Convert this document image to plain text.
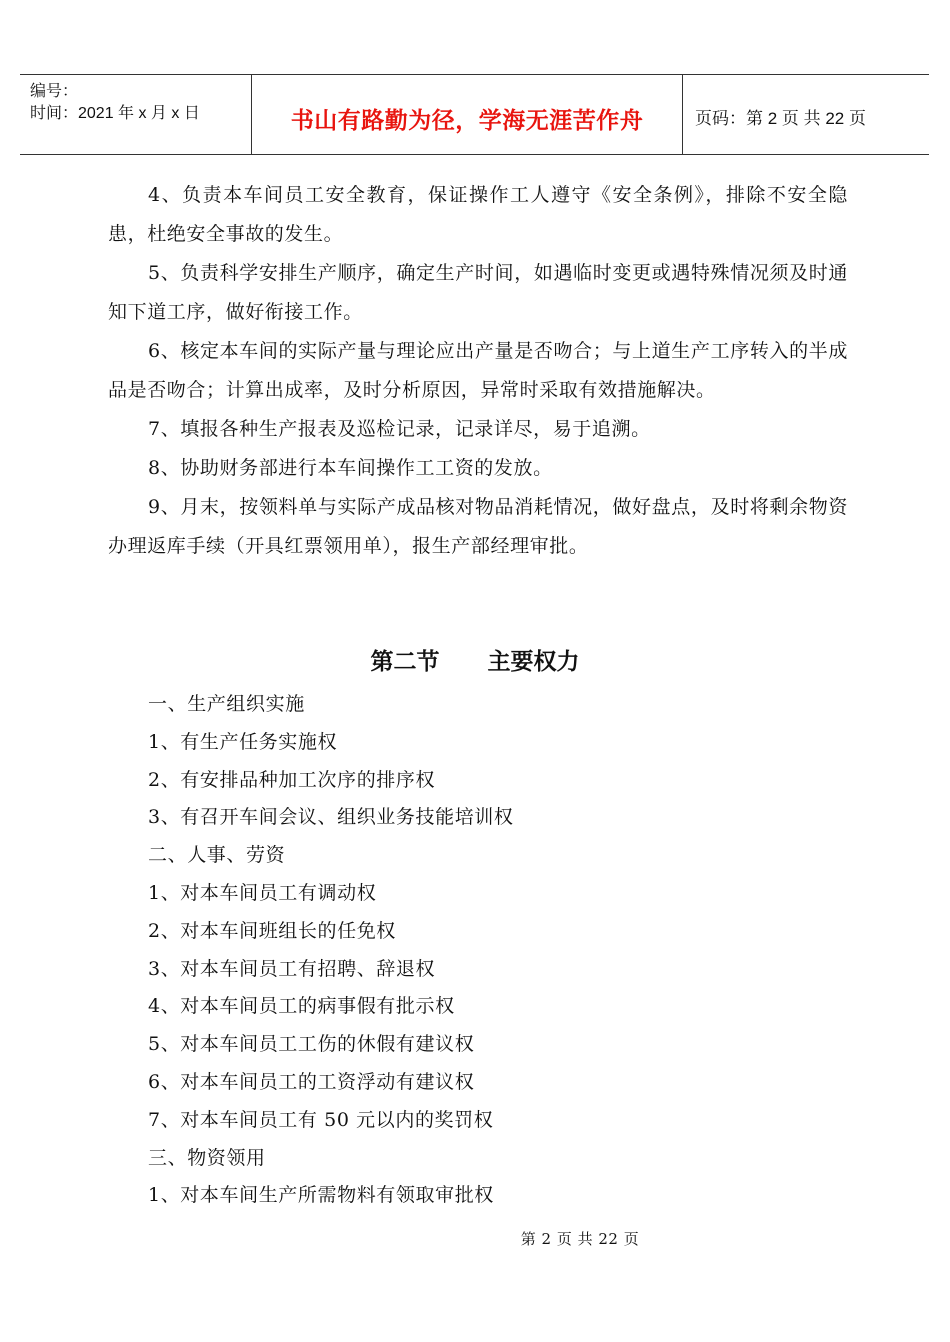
编号：
时间：2021 年 x 月 x 日	书山有路勤为径，学海无涯苦作舟	页码：第 2 页 共 22 页

4、负责本车间员工安全教育，保证操作工人遵守《安全条例》，排除不安全隐患，杜绝安全事故的发生。

5、负责科学安排生产顺序，确定生产时间，如遇临时变更或遇特殊情况须及时通知下道工序，做好衔接工作。

6、核定本车间的实际产量与理论应出产量是否吻合；与上道生产工序转入的半成品是否吻合；计算出成率，及时分析原因，异常时采取有效措施解决。

7、填报各种生产报表及巡检记录，记录详尽，易于追溯。

8、协助财务部进行本车间操作工工资的发放。

9、月末，按领料单与实际产成品核对物品消耗情况，做好盘点，及时将剩余物资办理返库手续（开具红票领用单），报生产部经理审批。

第二节 主要权力
一、生产组织实施
1、有生产任务实施权
2、有安排品种加工次序的排序权
3、有召开车间会议、组织业务技能培训权
二、人事、劳资
1、对本车间员工有调动权
2、对本车间班组长的任免权
3、对本车间员工有招聘、辞退权
4、对本车间员工的病事假有批示权
5、对本车间员工工伤的休假有建议权
6、对本车间员工的工资浮动有建议权
7、对本车间员工有 50 元以内的奖罚权
三、物资领用
1、对本车间生产所需物料有领取审批权
第 2 页 共 22 页
